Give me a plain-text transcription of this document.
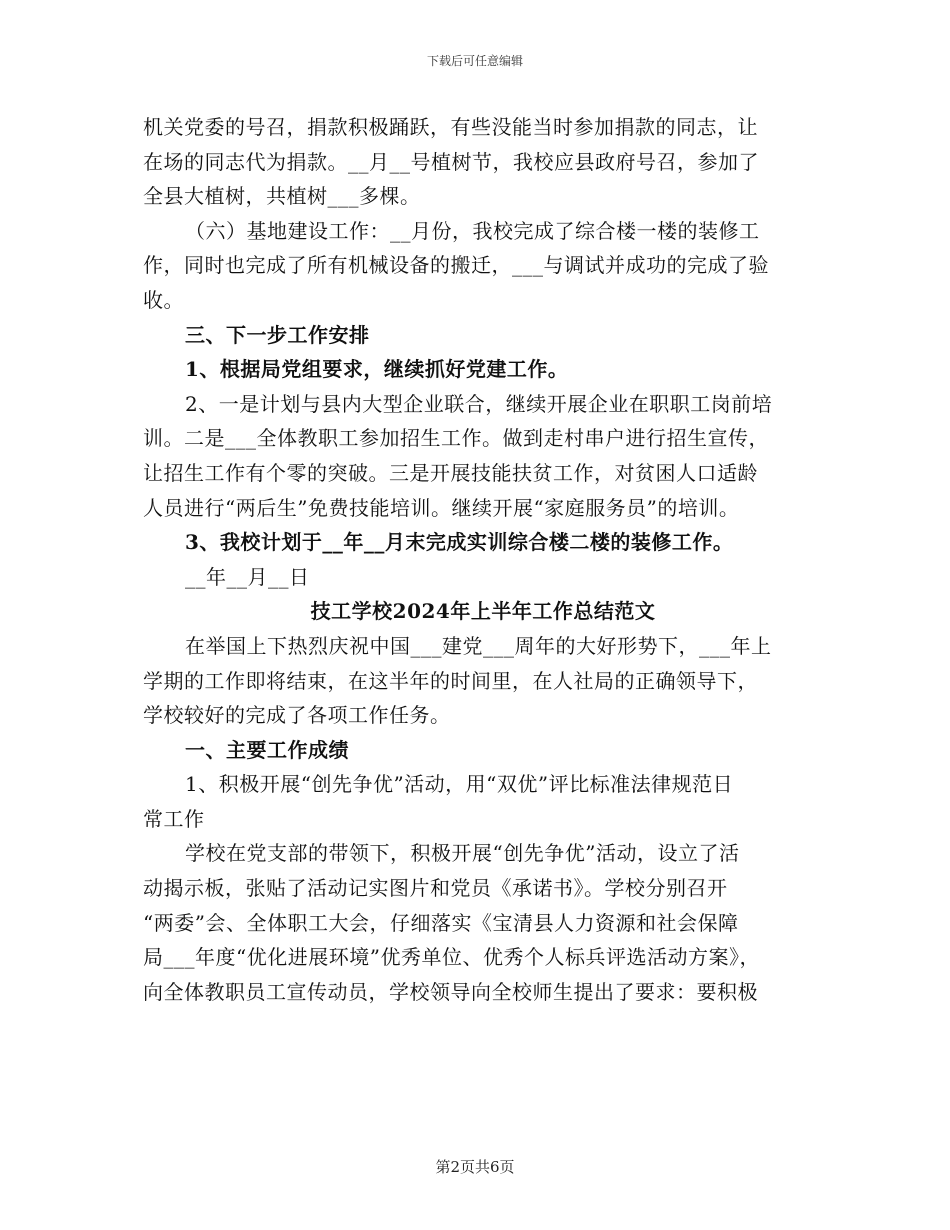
下载后可任意编辑
机关党委的号召，捐款积极踊跃，有些没能当时参加捐款的同志，让
在场的同志代为捐款。__月__号植树节，我校应县政府号召，参加了
全县大植树，共植树___多棵。
（六）基地建设工作：__月份，我校完成了综合楼一楼的装修工
作，同时也完成了所有机械设备的搬迁，___与调试并成功的完成了验
收。
三、下一步工作安排
1、根据局党组要求，继续抓好党建工作。
2、一是计划与县内大型企业联合，继续开展企业在职职工岗前培
训。二是___全体教职工参加招生工作。做到走村串户进行招生宣传，
让招生工作有个零的突破。三是开展技能扶贫工作，对贫困人口适龄
人员进行“两后生”免费技能培训。继续开展“家庭服务员”的培训。
3、我校计划于__年__月末完成实训综合楼二楼的装修工作。
__年__月__日
技工学校2024年上半年工作总结范文
在举国上下热烈庆祝中国___建党___周年的大好形势下，___年上
学期的工作即将结束，在这半年的时间里，在人社局的正确领导下，
学校较好的完成了各项工作任务。
一、主要工作成绩
1、积极开展“创先争优”活动，用“双优”评比标准法律规范日
常工作
学校在党支部的带领下，积极开展“创先争优”活动，设立了活
动揭示板，张贴了活动记实图片和党员《承诺书》。学校分别召开
“两委”会、全体职工大会，仔细落实《宝清县人力资源和社会保障
局___年度“优化进展环境”优秀单位、优秀个人标兵评选活动方案》，
向全体教职员工宣传动员，学校领导向全校师生提出了要求：要积极
第2页共6页
